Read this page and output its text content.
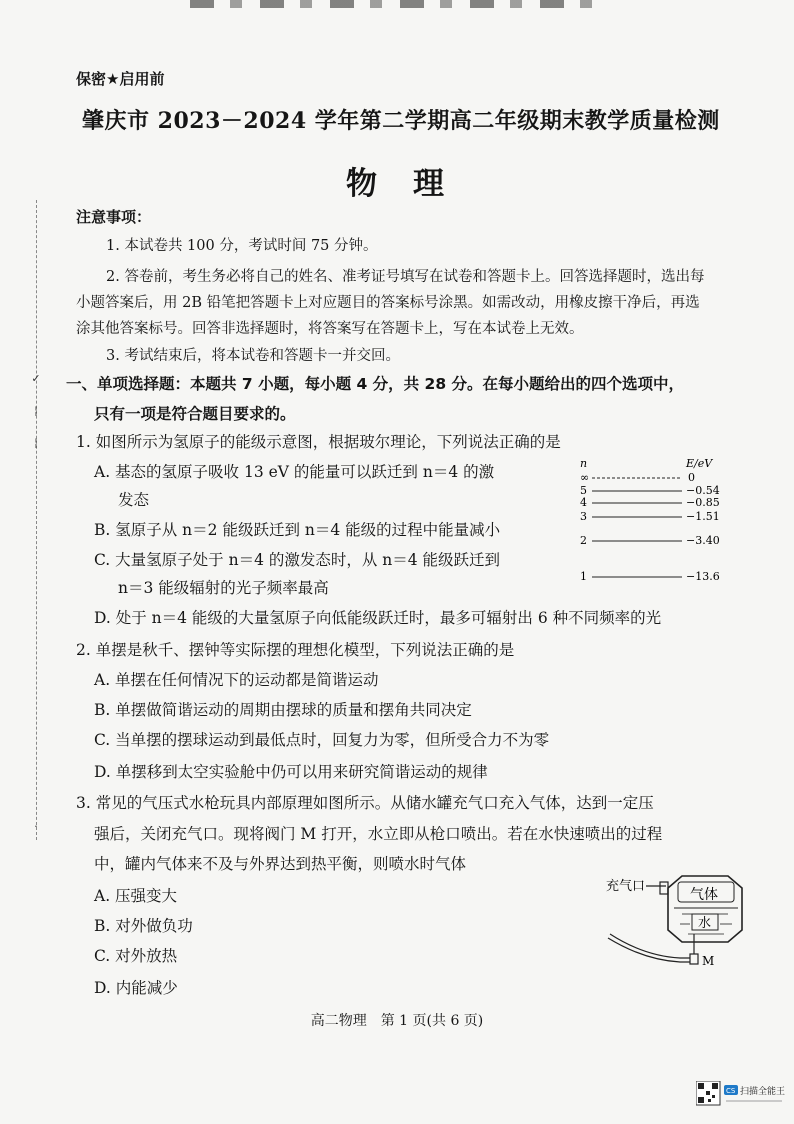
✓
¦
¦
·
保密★启用前
肇庆市 2023－2024 学年第二学期高二年级期末教学质量检测
物理
注意事项：
1. 本试卷共 100 分，考试时间 75 分钟。
2. 答卷前，考生务必将自己的姓名、准考证号填写在试卷和答题卡上。回答选择题时，选出每
小题答案后，用 2B 铅笔把答题卡上对应题目的答案标号涂黑。如需改动，用橡皮擦干净后，再选
涂其他答案标号。回答非选择题时，将答案写在答题卡上，写在本试卷上无效。
3. 考试结束后，将本试卷和答题卡一并交回。
一、单项选择题：本题共 7 小题，每小题 4 分，共 28 分。在每小题给出的四个选项中，
只有一项是符合题目要求的。
1. 如图所示为氢原子的能级示意图，根据玻尔理论，下列说法正确的是
A. 基态的氢原子吸收 13 eV 的能量可以跃迁到 n＝4 的激
发态
B. 氢原子从 n＝2 能级跃迁到 n＝4 能级的过程中能量减小
C. 大量氢原子处于 n＝4 的激发态时，从 n＝4 能级跃迁到
n＝3 能级辐射的光子频率最高
D. 处于 n＝4 能级的大量氢原子向低能级跃迁时，最多可辐射出 6 种不同频率的光
n	E/eV
∞	0
5	−0.54
4	−0.85
3	−1.51
2	−3.40
1	−13.6
2. 单摆是秋千、摆钟等实际摆的理想化模型，下列说法正确的是
A. 单摆在任何情况下的运动都是简谐运动
B. 单摆做简谐运动的周期由摆球的质量和摆角共同决定
C. 当单摆的摆球运动到最低点时，回复力为零，但所受合力不为零
D. 单摆移到太空实验舱中仍可以用来研究简谐运动的规律
3. 常见的气压式水枪玩具内部原理如图所示。从储水罐充气口充入气体，达到一定压
强后，关闭充气口。现将阀门 M 打开，水立即从枪口喷出。若在水快速喷出的过程
中，罐内气体来不及与外界达到热平衡，则喷水时气体
A. 压强变大
B. 对外做负功
C. 对外放热
D. 内能减少
充气口
气体
水
M
高二物理　第 1 页(共 6 页)
CS 扫描全能王
